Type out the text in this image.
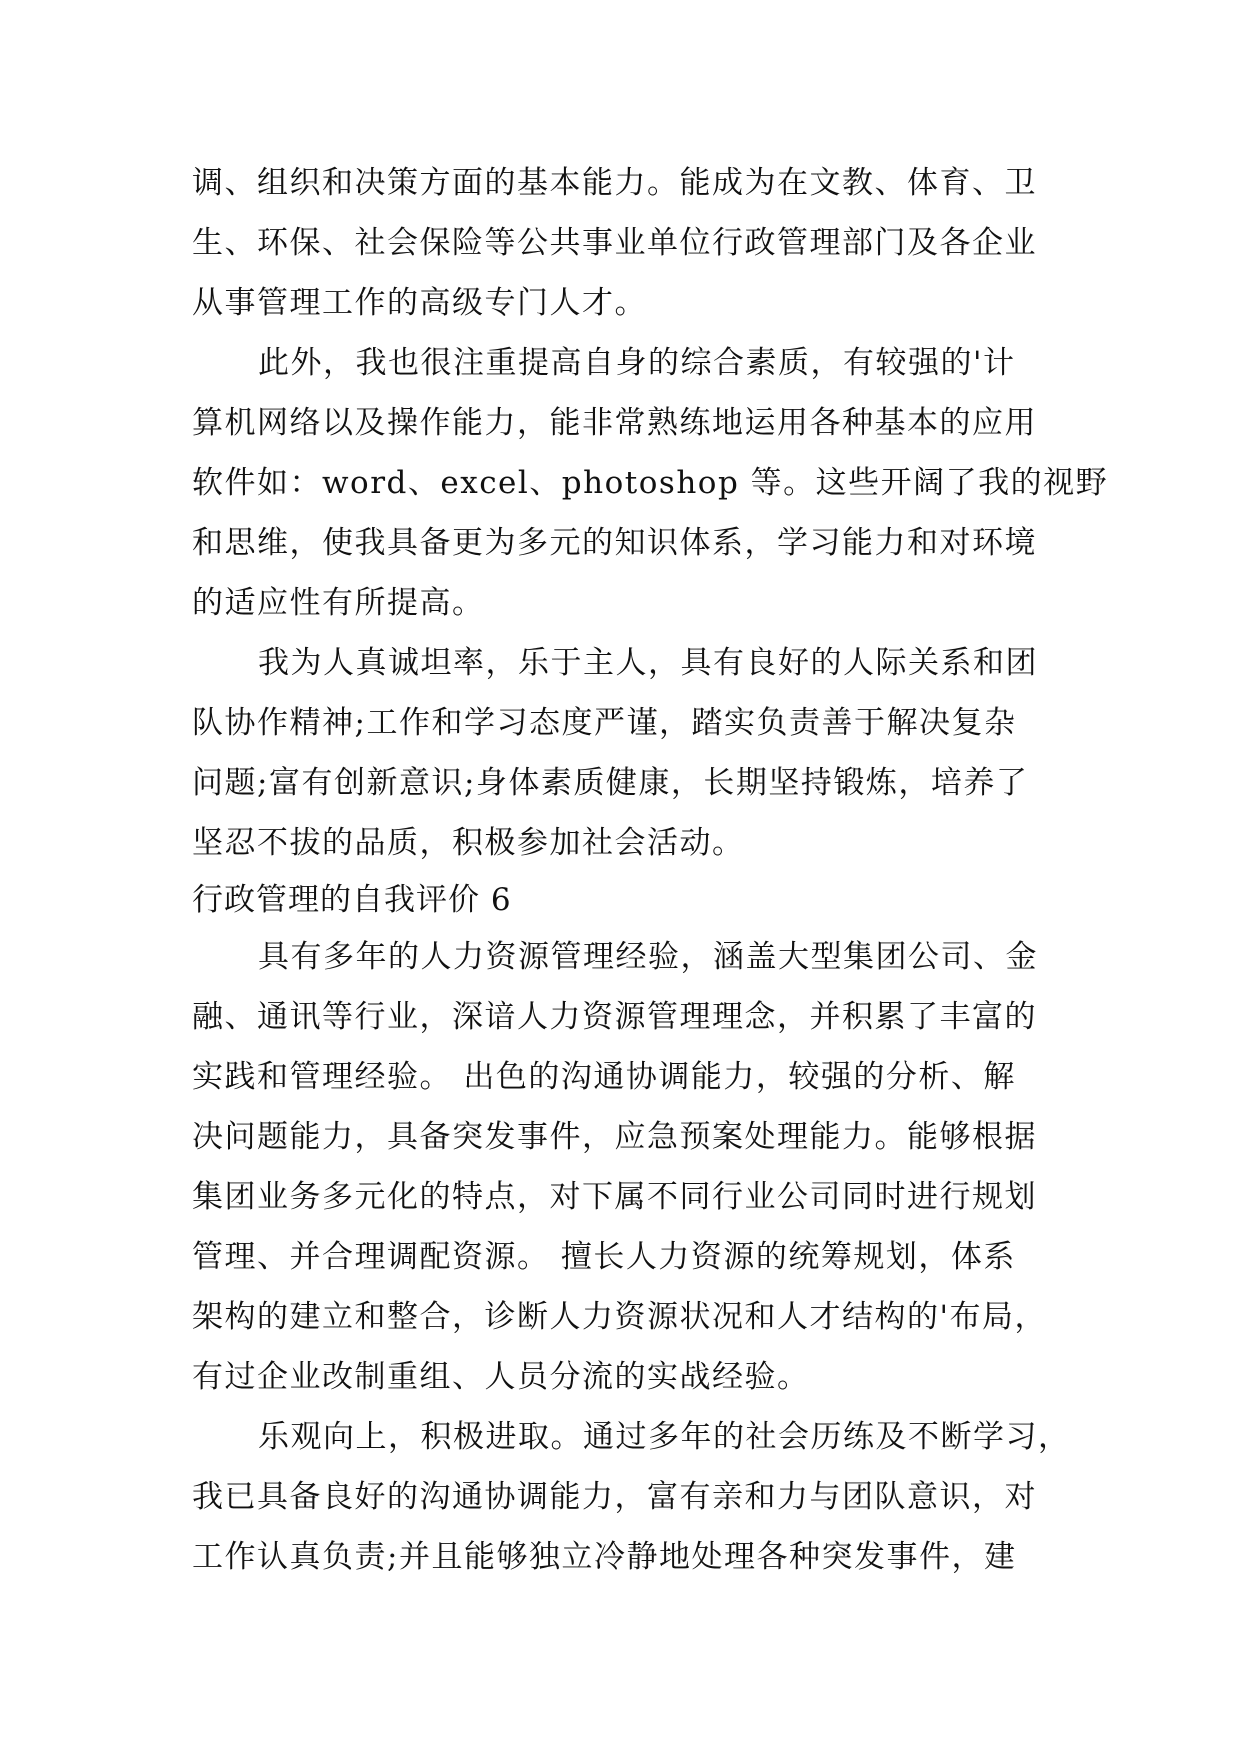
调、组织和决策方面的基本能力。能成为在文教、体育、卫
生、环保、社会保险等公共事业单位行政管理部门及各企业
从事管理工作的高级专门人才。
此外，我也很注重提高自身的综合素质，有较强的'计
算机网络以及操作能力，能非常熟练地运用各种基本的应用
软件如：word、excel、photoshop 等。这些开阔了我的视野
和思维，使我具备更为多元的知识体系，学习能力和对环境
的适应性有所提高。
我为人真诚坦率，乐于主人，具有良好的人际关系和团
队协作精神;工作和学习态度严谨，踏实负责善于解决复杂
问题;富有创新意识;身体素质健康，长期坚持锻炼，培养了
坚忍不拔的品质，积极参加社会活动。
行政管理的自我评价 6
具有多年的人力资源管理经验，涵盖大型集团公司、金
融、通讯等行业，深谙人力资源管理理念，并积累了丰富的
实践和管理经验。 出色的沟通协调能力，较强的分析、解
决问题能力，具备突发事件，应急预案处理能力。能够根据
集团业务多元化的特点，对下属不同行业公司同时进行规划
管理、并合理调配资源。 擅长人力资源的统筹规划，体系
架构的建立和整合，诊断人力资源状况和人才结构的'布局，
有过企业改制重组、人员分流的实战经验。
乐观向上，积极进取。通过多年的社会历练及不断学习，
我已具备良好的沟通协调能力，富有亲和力与团队意识，对
工作认真负责;并且能够独立冷静地处理各种突发事件，建
